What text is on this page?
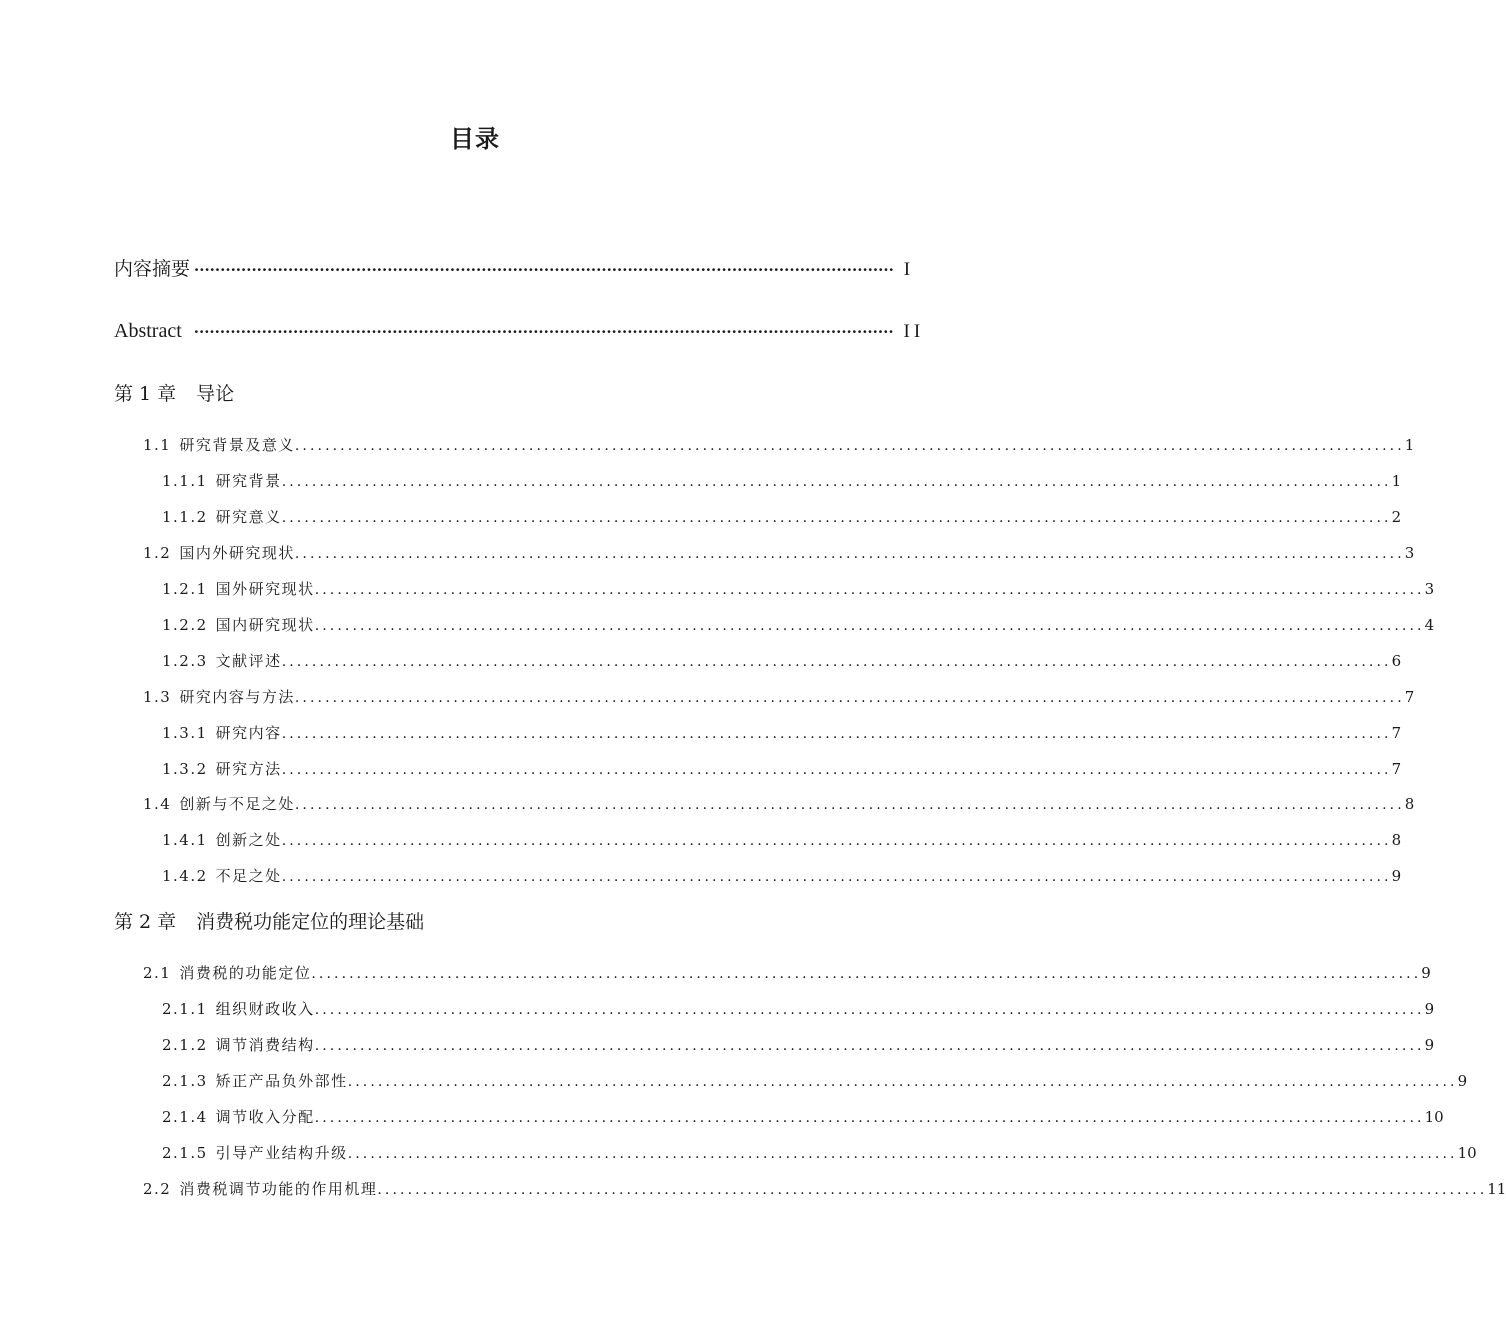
目录
内容摘要 ······································································································································ I
Abstract ······································································································································ II
第 1 章 导论
1.1 研究背景及意义 ................................................................................................................................................... 1
1.1.1 研究背景 ................................................................................................................................................... 1
1.1.2 研究意义 ................................................................................................................................................... 2
1.2 国内外研究现状 ................................................................................................................................................... 3
1.2.1 国外研究现状 ................................................................................................................................................... 3
1.2.2 国内研究现状 ................................................................................................................................................... 4
1.2.3 文献评述 ................................................................................................................................................... 6
1.3 研究内容与方法 ................................................................................................................................................... 7
1.3.1 研究内容 ................................................................................................................................................... 7
1.3.2 研究方法 ................................................................................................................................................... 7
1.4 创新与不足之处 ................................................................................................................................................... 8
1.4.1 创新之处 ................................................................................................................................................... 8
1.4.2 不足之处 ................................................................................................................................................... 9
第 2 章 消费税功能定位的理论基础
2.1 消费税的功能定位 ................................................................................................................................................... 9
2.1.1 组织财政收入 ................................................................................................................................................... 9
2.1.2 调节消费结构 ................................................................................................................................................... 9
2.1.3 矫正产品负外部性 ................................................................................................................................................... 9
2.1.4 调节收入分配 ................................................................................................................................................... 10
2.1.5 引导产业结构升级 ................................................................................................................................................... 10
2.2 消费税调节功能的作用机理 ................................................................................................................................................... 11
